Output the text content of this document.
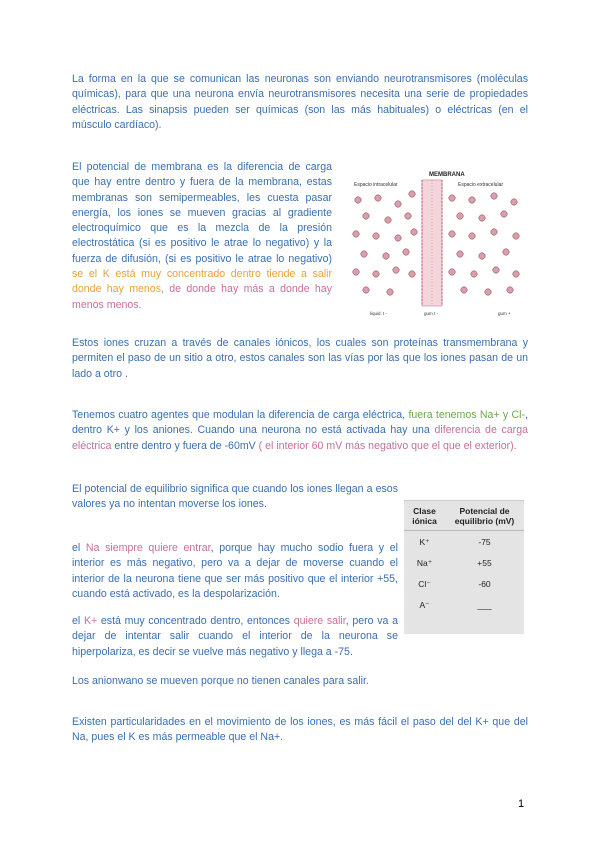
La forma en la que se comunican las neuronas son enviando neurotransmisores (moléculas químicas), para que una neurona envía neurotransmisores necesita una serie de propiedades eléctricas. Las sinapsis pueden ser químicas (son las más habituales) o eléctricas (en el músculo cardíaco).
El potencial de membrana es la diferencia de carga que hay entre dentro y fuera de la membrana, estas membranas son semipermeables, les cuesta pasar energía, los iones se mueven gracias al gradiente electroquímico que es la mezcla de la presión electrostática (si es positivo le atrae lo negativo) y la fuerza de difusión, (si es positivo le atrae lo negativo) se el K está muy concentrado dentro tiende a salir donde hay menos, de donde hay más a donde hay menos menos.
MEMBRANA
Espacio intracelular	Espacio extracelular
liquid. t -	gum t -	gum +
Estos iones cruzan a través de canales iónicos, los cuales son proteínas transmembrana y permiten el paso de un sitio a otro, estos canales son las vías por las que los iones pasan de un lado a otro .
Tenemos cuatro agentes que modulan la diferencia de carga eléctrica, fuera tenemos Na+ y Cl-, dentro K+ y los aniones. Cuando una neurona no está activada hay una diferencia de carga eléctrica entre dentro y fuera de -60mV ( el interior 60 mV más negativo que el que el exterior).
El potencial de equilibrio significa que cuando los iones llegan a esos valores ya no intentan moverse los iones.
Clase iónica	Potencial de equilibrio (mV)
K⁺	-75
Na⁺	+55
Cl⁻	-60
A⁻	___
el Na siempre quiere entrar, porque hay mucho sodio fuera y el interior es más negativo, pero va a dejar de moverse cuando el interior de la neurona tiene que ser más positivo que el interior +55, cuando está activado, es la despolarización.
el K+ está muy concentrado dentro, entonces quiere salir, pero va a dejar de intentar salir cuando el interior de la neurona se hiperpolariza, es decir se vuelve más negativo y llega a -75.
Los anionwano se mueven porque no tienen canales para salir.
Existen particularidades en el movimiento de los iones, es más fácil el paso del del K+ que del Na, pues el K es más permeable que el Na+.
1
